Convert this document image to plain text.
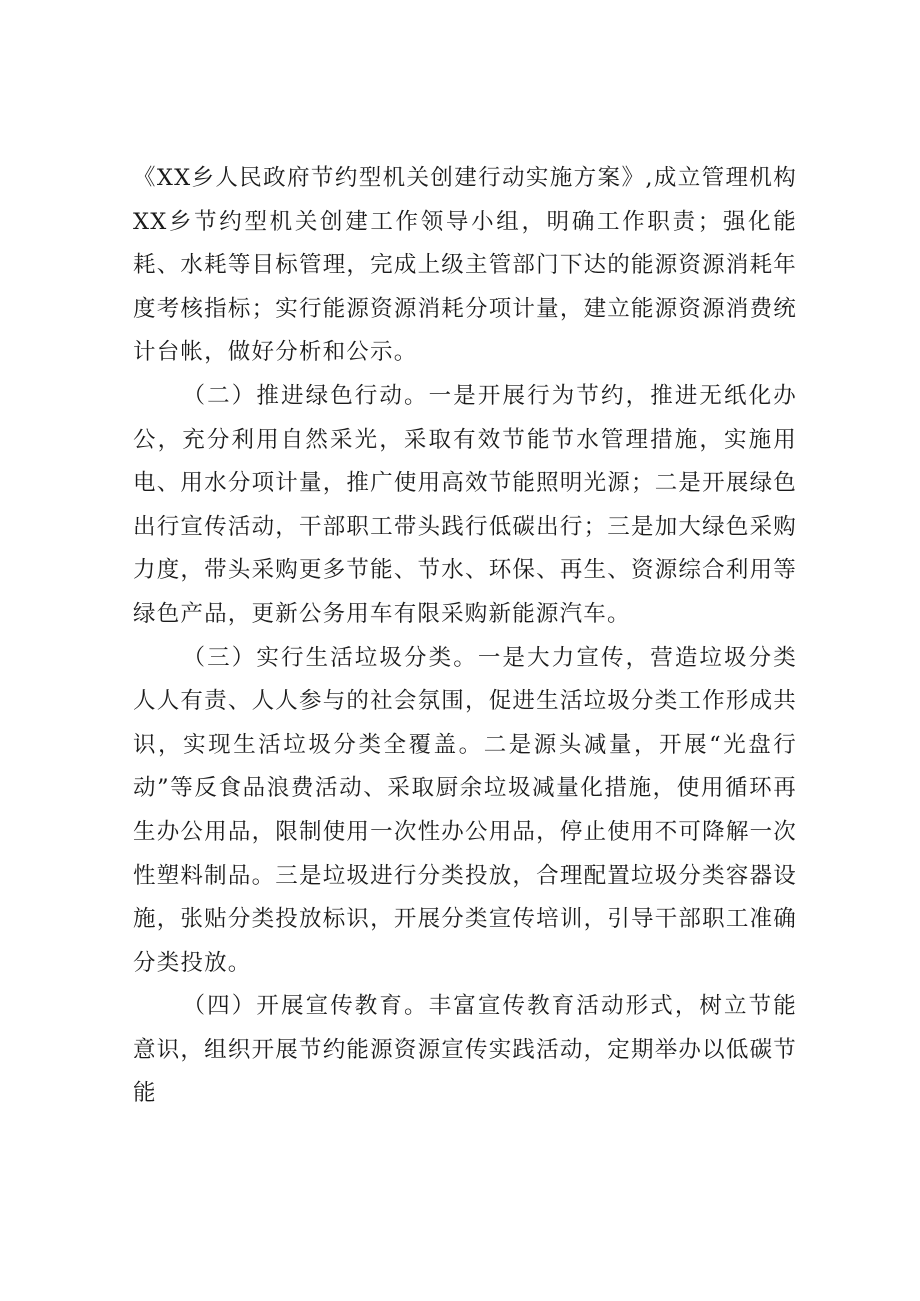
《XX乡人民政府节约型机关创建行动实施方案》,成立管理机构XX乡节约型机关创建工作领导小组，明确工作职责；强化能耗、水耗等目标管理，完成上级主管部门下达的能源资源消耗年度考核指标；实行能源资源消耗分项计量，建立能源资源消费统计台帐，做好分析和公示。

（二）推进绿色行动。一是开展行为节约，推进无纸化办公，充分利用自然采光，采取有效节能节水管理措施，实施用电、用水分项计量，推广使用高效节能照明光源；二是开展绿色出行宣传活动，干部职工带头践行低碳出行；三是加大绿色采购力度，带头采购更多节能、节水、环保、再生、资源综合利用等绿色产品，更新公务用车有限采购新能源汽车。

（三）实行生活垃圾分类。一是大力宣传，营造垃圾分类人人有责、人人参与的社会氛围，促进生活垃圾分类工作形成共识，实现生活垃圾分类全覆盖。二是源头减量，开展“光盘行动”等反食品浪费活动、采取厨余垃圾减量化措施，使用循环再生办公用品，限制使用一次性办公用品，停止使用不可降解一次性塑料制品。三是垃圾进行分类投放，合理配置垃圾分类容器设施，张贴分类投放标识，开展分类宣传培训，引导干部职工准确分类投放。

（四）开展宣传教育。丰富宣传教育活动形式，树立节能意识，组织开展节约能源资源宣传实践活动，定期举办以低碳节能
